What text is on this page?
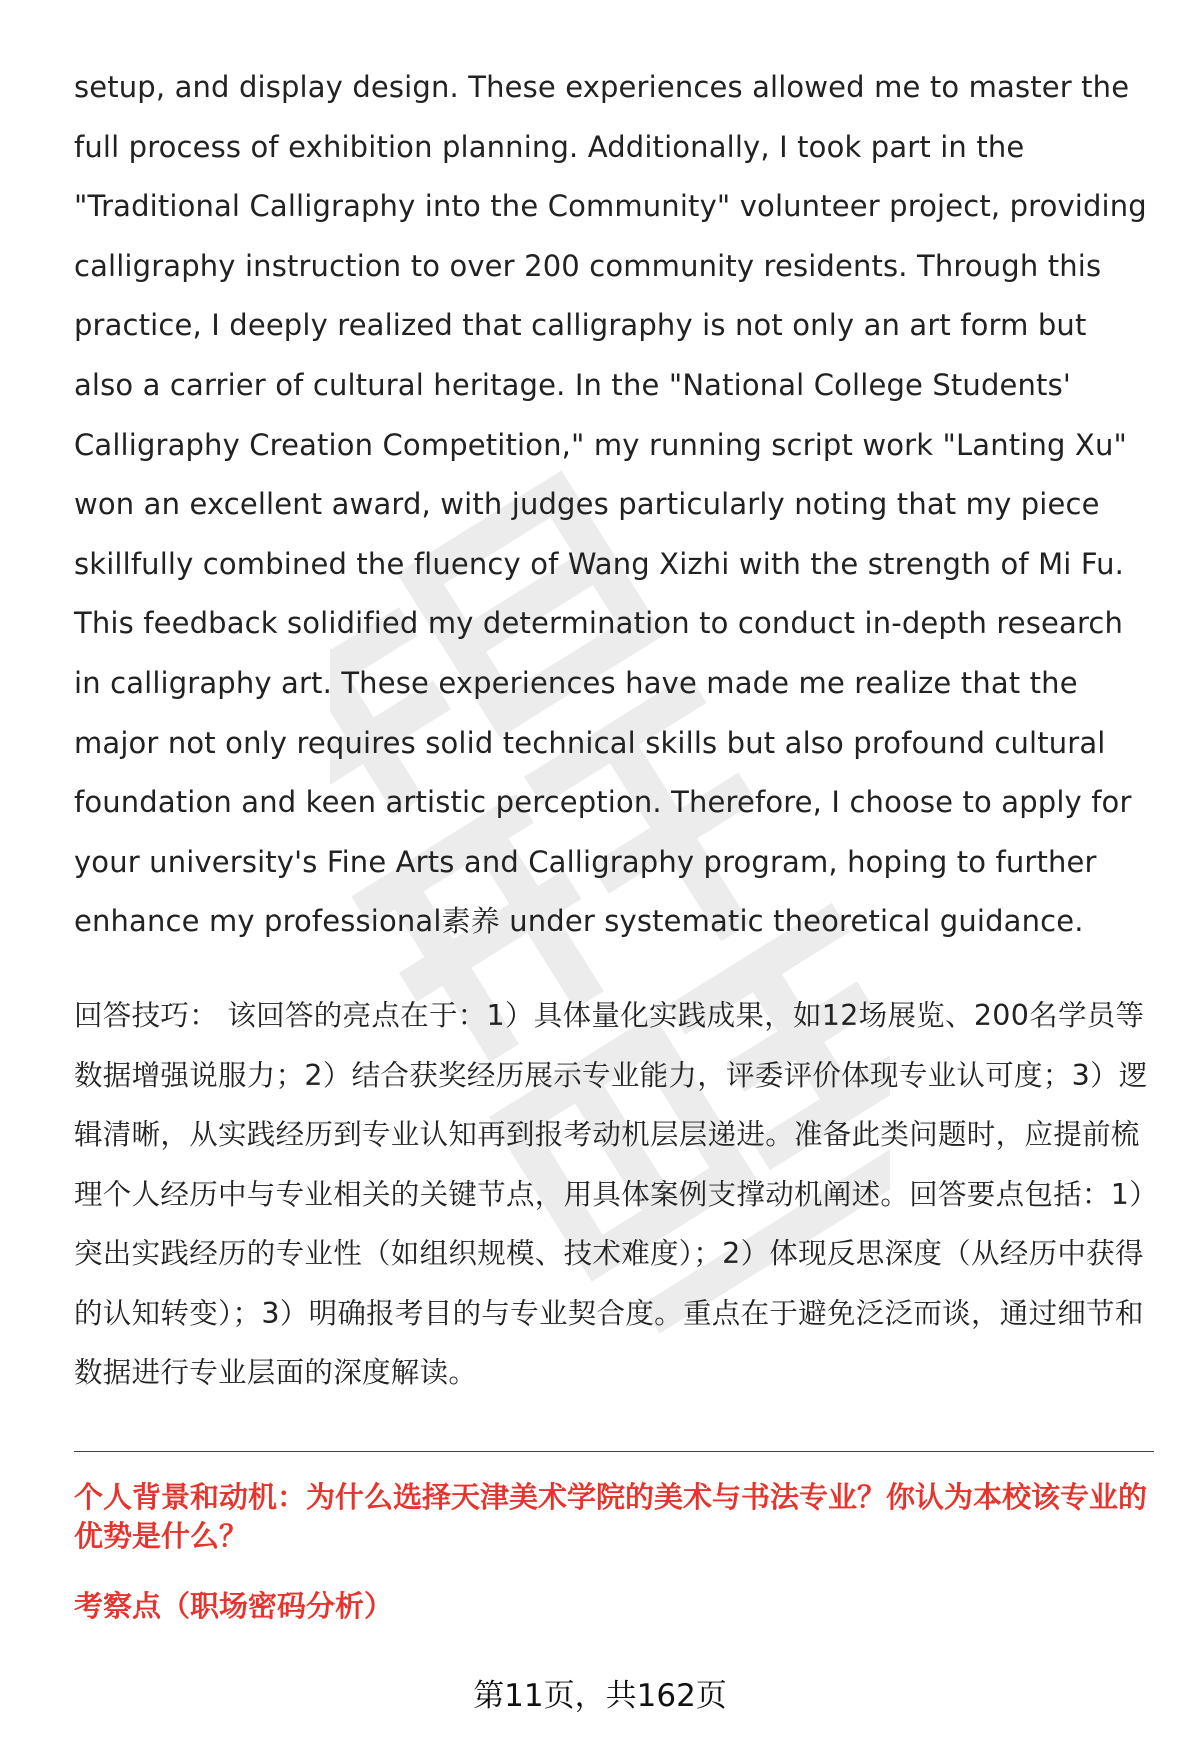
setup, and display design. These experiences allowed me to master the full process of exhibition planning. Additionally, I took part in the "Traditional Calligraphy into the Community" volunteer project, providing calligraphy instruction to over 200 community residents. Through this practice, I deeply realized that calligraphy is not only an art form but also a carrier of cultural heritage. In the "National College Students' Calligraphy Creation Competition," my running script work "Lanting Xu" won an excellent award, with judges particularly noting that my piece skillfully combined the fluency of Wang Xizhi with the strength of Mi Fu. This feedback solidified my determination to conduct in-depth research in calligraphy art. These experiences have made me realize that the major not only requires solid technical skills but also profound cultural foundation and keen artistic perception. Therefore, I choose to apply for your university's Fine Arts and Calligraphy program, hoping to further enhance my professional素养 under systematic theoretical guidance.

回答技巧： 该回答的亮点在于：1）具体量化实践成果，如12场展览、200名学员等数据增强说服力；2）结合获奖经历展示专业能力，评委评价体现专业认可度；3）逻辑清晰，从实践经历到专业认知再到报考动机层层递进。准备此类问题时，应提前梳理个人经历中与专业相关的关键节点，用具体案例支撑动机阐述。回答要点包括：1）突出实践经历的专业性（如组织规模、技术难度）；2）体现反思深度（从经历中获得的认知转变）；3）明确报考目的与专业契合度。重点在于避免泛泛而谈，通过细节和数据进行专业层面的深度解读。

个人背景和动机：为什么选择天津美术学院的美术与书法专业？你认为本校该专业的优势是什么？
考察点（职场密码分析）
第11页，共162页
